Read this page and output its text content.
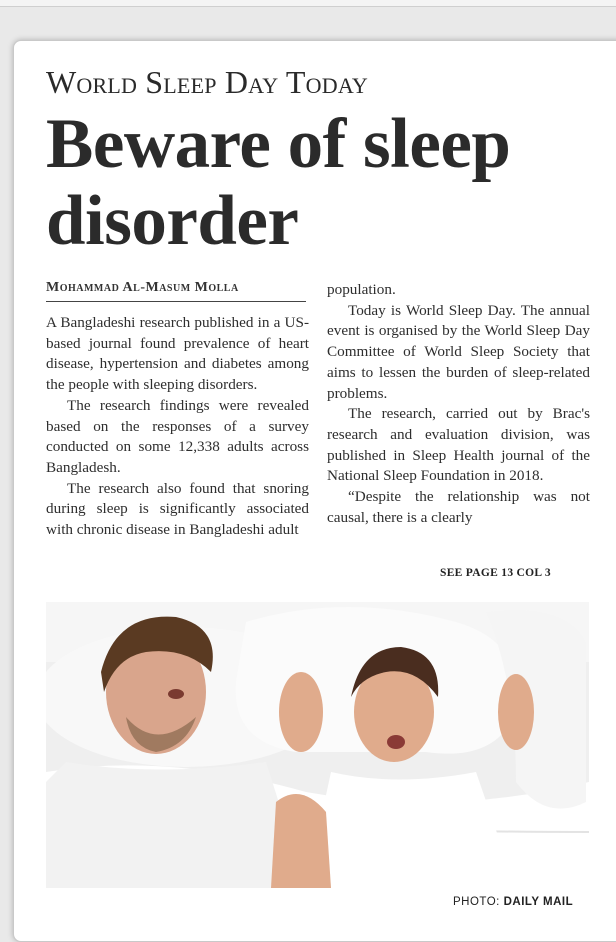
World Sleep Day Today
Beware of sleep disorder
Mohammad Al-Masum Molla

A Bangladeshi research published in a US-based journal found prevalence of heart disease, hypertension and diabetes among the people with sleeping disorders.

The research findings were revealed based on the responses of a survey conducted on some 12,338 adults across Bangladesh.

The research also found that snoring during sleep is significantly associated with chronic disease in Bangladeshi adult

population.

Today is World Sleep Day. The annual event is organised by the World Sleep Day Committee of World Sleep Society that aims to lessen the burden of sleep-related problems.

The research, carried out by Brac's research and evaluation division, was published in Sleep Health journal of the National Sleep Foundation in 2018.

“Despite the relationship was not causal, there is a clearly

SEE PAGE 13 COL 3
PHOTO: DAILY MAIL
